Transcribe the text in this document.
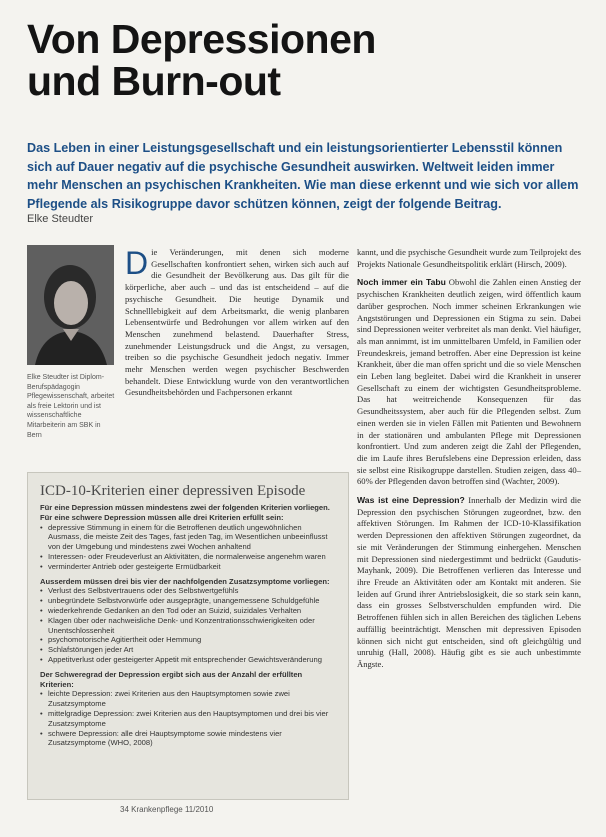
Von Depressionen
und Burn-out

Das Leben in einer Leistungsgesellschaft und ein leistungsorientierter Lebensstil können sich auf Dauer negativ auf die psychische Gesundheit auswirken. Weltweit leiden immer mehr Menschen an psychischen Krankheiten. Wie man diese erkennt und wie sich vor allem Pflegende als Risikogruppe davor schützen können, zeigt der folgende Beitrag.

Elke Steudter
Elke Steudter ist Diplom-Berufspädagogin Pflegewissenschaft, arbeitet als freie Lektorin und ist wissenschaftliche Mitarbeiterin am SBK in Bern

Die Veränderungen, mit denen sich moderne Gesellschaften konfrontiert sehen, wirken sich auch auf die Gesundheit der Bevölkerung aus. Das gilt für die körperliche, aber auch – und das ist entscheidend – auf die psychische Gesundheit. Die heutige Dynamik und Schnelllebigkeit auf dem Arbeitsmarkt, die wenig planbaren Lebensentwürfe und Bedrohungen vor allem wirken auf den Menschen zunehmend belastend. Dauerhafter Stress, zunehmender Leistungsdruck und die Angst, zu versagen, treiben so die psychische Gesundheit jedoch negativ. Immer mehr Menschen werden wegen psychischer Beschwerden behandelt. Diese Entwicklung wurde von den verantwortlichen Gesundheitsbehörden und Fachpersonen erkannt

kannt, und die psychische Gesundheit wurde zum Teilprojekt des Projekts Nationale Gesundheitspolitik erklärt (Hirsch, 2009).

Noch immer ein Tabu Obwohl die Zahlen einen Anstieg der psychischen Krankheiten deutlich zeigen, wird öffentlich kaum darüber gesprochen. Noch immer scheinen Erkrankungen wie Angststörungen und Depressionen ein Stigma zu sein. Dabei sind Depressionen weiter verbreitet als man denkt. Viel häufiger, als man annimmt, ist im unmittelbaren Umfeld, in Familien oder Freundeskreis, jemand betroffen. Aber eine Depression ist keine Krankheit, über die man offen spricht und die so viele Menschen ein Leben lang begleitet. Dabei wird die Krankheit in unserer Gesellschaft zu einem der wichtigsten Gesundheitsprobleme. Das hat weitreichende Konsequenzen für das Gesundheitssystem, aber auch für die Pflegenden selbst. Zum einen werden sie in vielen Fällen mit Patienten und Bewohnern in der stationären und ambulanten Pflege mit Depressionen konfrontiert. Und zum anderen zeigt die Zahl der Pflegenden, die im Laufe ihres Berufslebens eine Depression erleiden, dass sie selbst eine Risikogruppe darstellen. Studien zeigen, dass 40–60% der Pflegenden davon betroffen sind (Wachter, 2009).

Was ist eine Depression? Innerhalb der Medizin wird die Depression den psychischen Störungen zugeordnet, bzw. den affektiven Störungen. Im Rahmen der ICD-10-Klassifikation werden Depressionen den affektiven Störungen zugeordnet, da sie mit Veränderungen der Stimmung einhergehen. Menschen mit Depressionen sind niedergestimmt und bedrückt (Gaudutis-Mayhank, 2009). Die Betroffenen verlieren das Interesse und ihre Freude an Aktivitäten oder am Kontakt mit anderen. Sie leiden auf Grund ihrer Antriebslosigkeit, die so stark sein kann, dass ein grosses Selbstverschulden empfunden wird. Die Betroffenen fühlen sich in allen Bereichen des täglichen Lebens auffällig beeinträchtigt. Menschen mit depressiven Episoden können sich nicht gut entscheiden, sind oft gleichgültig und unruhig (Hall, 2008). Häufig gibt es sie auch unbestimmte Ängste.

ICD-10-Kriterien einer depressiven Episode

Für eine Depression müssen mindestens zwei der folgenden Kriterien vorliegen.

Für eine schwere Depression müssen alle drei Kriterien erfüllt sein:

• depressive Stimmung in einem für die Betroffenen deutlich ungewöhnlichen Ausmass, die meiste Zeit des Tages, fast jeden Tag, im Wesentlichen unbeeinflusst von der Umgebung und mindestens zwei Wochen anhaltend
• Interessen- oder Freudeverlust an Aktivitäten, die normalerweise angenehm waren
• verminderter Antrieb oder gesteigerte Ermüdbarkeit

Ausserdem müssen drei bis vier der nachfolgenden Zusatzsymptome vorliegen:

• Verlust des Selbstvertrauens oder des Selbstwertgefühls
• unbegründete Selbstvorwürfe oder ausgeprägte, unangemessene Schuldgefühle
• wiederkehrende Gedanken an den Tod oder an Suizid, suizidales Verhalten
• Klagen über oder nachweisliche Denk- und Konzentrationsschwierigkeiten oder Unentschlossenheit
• psychomotorische Agitiertheit oder Hemmung
• Schlafstörungen jeder Art
• Appetitverlust oder gesteigerter Appetit mit entsprechender Gewichtsveränderung

Der Schweregrad der Depression ergibt sich aus der Anzahl der erfüllten Kriterien:

• leichte Depression: zwei Kriterien aus den Hauptsymptomen sowie zwei Zusatzsymptome
• mittelgradige Depression: zwei Kriterien aus den Hauptsymptomen und drei bis vier Zusatzsymptome
• schwere Depression: alle drei Hauptsymptome sowie mindestens vier Zusatzsymptome (WHO, 2008)
34 Krankenpflege 11/2010
